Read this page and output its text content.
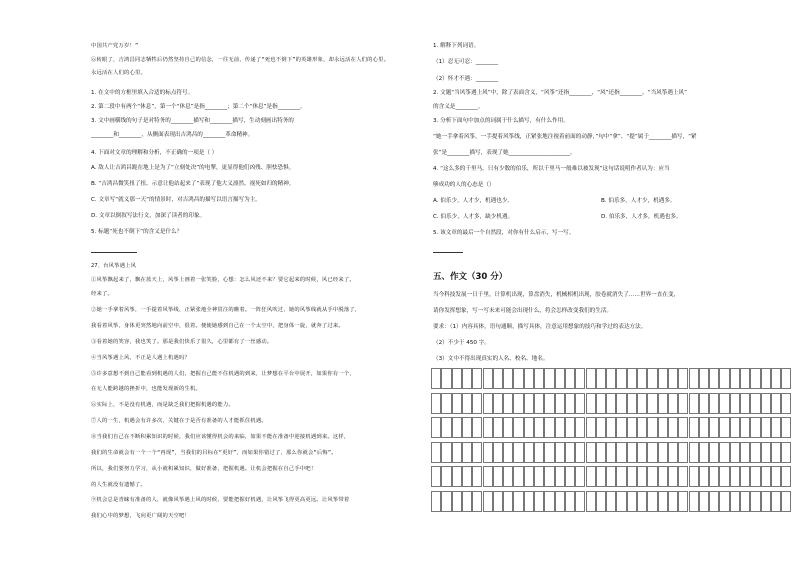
中国共产党万岁！”
⑥转眼了，吉鸿昌同志牺牲后仍然坚持自己的信念，一往无前，传递了“死也不倒下”的英雄形象，却永远活在人们的心里。
永远活在人们的心里。
1. 在文中的方框里填入合适的标点符号。
2. 第二段中有两个“休息”，第一个“休息”是指________；第二个“休息”是指________。
3. 文中画横线的句子是对特务的________描写和________描写，生动刻画出特务的
________和________，从侧面表现出吉鸿昌的________革命精神。
4. 下面对文章的理解和分析，不正确的一项是（ ）
A. 敌人让吉鸿昌跪在地上是为了“立刻处决”的电掣，更显得他们凶残、胆怯恐惧。
B. “吉鸿昌微笑扭了扭、示意让他站起来了”表现了他大义凛然、视死如归的精神。
C. 文章写“就义那一天”的情景时，对吉鸿昌的描写以语言描写为主。
D. 文章以倒叙写法行文，加深了读者的印象。
5. 标题“死也不倒下”的含义是什么？
27、台风筝遇上风
①风筝飘起来了，飘在蓝天上，风筝上画着一张笑脸，心想：怎么风还不来？要它起来的时候，风已经来了。
经来了。
②她一手拿着风筝，一手提着风筝线，正紧张地全神贯注的瞧着。一阵狂风吹过，她的风筝线就从手中脱落了，
我看着风筝，身体更突然地向前空中，很着。便使她感到自己在一个太空中，把身体一旋，就奔了过来。
③看着她的笑容，我也笑了。那是我们快乐了很久，心里都有了一丝感动。
④当风筝遇上风，不正是人遇上机遇吗？
⑤许多意想不到自己能看到机遇的人们，把握自己能不住机遇的到来，让梦想在平台中展开，如果你有一个，
在无人能跨越的挫折中，也能发现新的生机。
⑥实际上，不是没有机遇，而是缺乏我们把握机遇的能力。
⑦人的一生，机遇会有许多次，关键在于是否有准备的人才能抓住机遇。
⑧当我们自己在不断积累知识的时候，我们应该懂得机会的来临，如果不能在准备中迎接机遇到来。这样，
我们的生命就会有一个一个“再现”，当我们的目标在“更好”，而如果你错过了，那么你就会“后悔”。
所以，我们要努力学习，从小就积累知识，做好准备，把握机遇。让机会把握在自己手中吧！
的人生就没有遗憾了。
⑨机会总是青睐有准备的人，就像风筝遇上风的时候，要能把握好机遇，让风筝飞得更高更远。让风筝带着
我们心中的梦想，飞向更广阔的天空吧！
1. 解释下列词语。
（1）忍无可忍：________
（2）怀才不遇：________
2. 文题“当风筝遇上风”中，除了表面含义，“风筝”还指________，“风”还指________，“当风筝遇上风”
的含义是________。
3. 分析下面句中加点的词属于什么描写，有什么作用。
“她一手拿着风筝，一手提着风筝线，正紧张地注视着前面的动静，”句中“拿”、“提”属于________描写，“紧
张”是________描写，表现了她______________________。
4. “这么多的千里马，只有少数的伯乐，所以千里马一般难以被发现”这句话说明作者认为：应当
够成功的人的心态是（）
A. 伯乐少，人才少，机遇也少。	B. 伯乐多，人才少，机遇多。
C. 伯乐少，人才多，缺少机遇。	D. 伯乐多，人才多，机遇也多。
5. 该文章的最后一个自然段，对你有什么启示，写一写。
五、作文（30 分）
当今科技发展一日千里，计算机出现，算盘消失，机械相机出现，胶卷就消失了……世界一直在变，
请你发挥想象，写一写未来可能会出现什么，将会怎样改变我们的生活。
要求：（1）内容具体，语句通顺，描写具体，注意运用想象的技巧和学过的表达方法。
（2）不少于 450 字。
（3）文中不得出现真实的人名、校名、地名。
